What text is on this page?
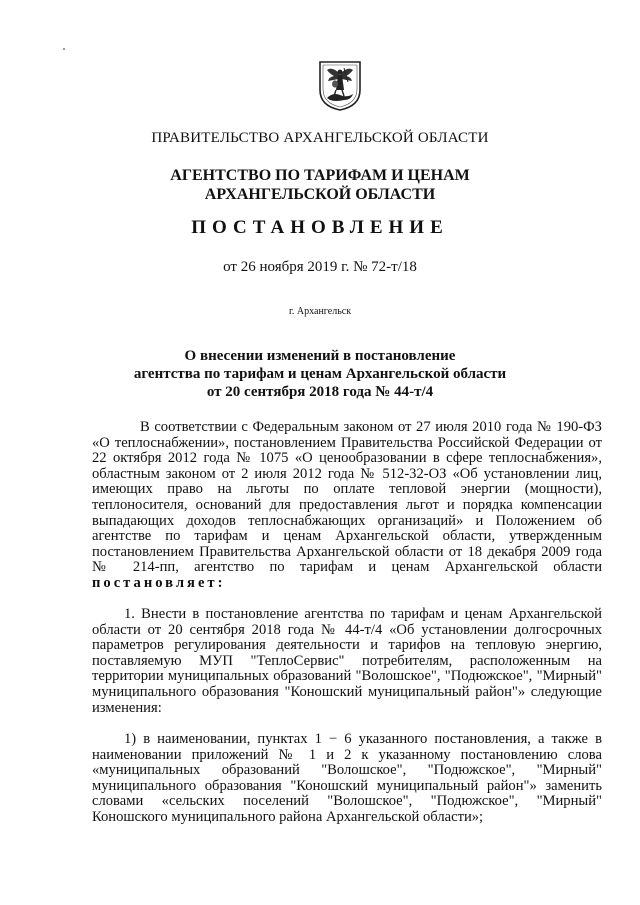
ПРАВИТЕЛЬСТВО АРХАНГЕЛЬСКОЙ ОБЛАСТИ
АГЕНТСТВО ПО ТАРИФАМ И ЦЕНАМ
АРХАНГЕЛЬСКОЙ ОБЛАСТИ
ПОСТАНОВЛЕНИЕ
от 26 ноября 2019 г. № 72-т/18
г. Архангельск
О внесении изменений в постановление
агентства по тарифам и ценам Архангельской области
от 20 сентября 2018 года № 44-т/4
В соответствии с Федеральным законом от 27 июля 2010 года № 190-ФЗ «О теплоснабжении», постановлением Правительства Российской Федерации от 22 октября 2012 года № 1075 «О ценообразовании в сфере теплоснабжения», областным законом от 2 июля 2012 года № 512-32-ОЗ «Об установлении лиц, имеющих право на льготы по оплате тепловой энергии (мощности), теплоносителя, оснований для предоставления льгот и порядка компенсации выпадающих доходов теплоснабжающих организаций» и Положением об агентстве по тарифам и ценам Архангельской области, утвержденным постановлением Правительства Архангельской области от 18 декабря 2009 года № 214-пп, агентство по тарифам и ценам Архангельской области постановляет:
1. Внести в постановление агентства по тарифам и ценам Архангельской области от 20 сентября 2018 года № 44-т/4 «Об установлении долгосрочных параметров регулирования деятельности и тарифов на тепловую энергию, поставляемую МУП "ТеплоСервис" потребителям, расположенным на территории муниципальных образований "Волошское", "Подюжское", "Мирный" муниципального образования "Коношский муниципальный район"» следующие изменения:
1) в наименовании, пунктах 1 − 6 указанного постановления, а также в наименовании приложений № 1 и 2 к указанному постановлению слова «муниципальных образований "Волошское", "Подюжское", "Мирный" муниципального образования "Коношский муниципальный район"» заменить словами «сельских поселений "Волошское", "Подюжское", "Мирный" Коношского муниципального района Архангельской области»;
